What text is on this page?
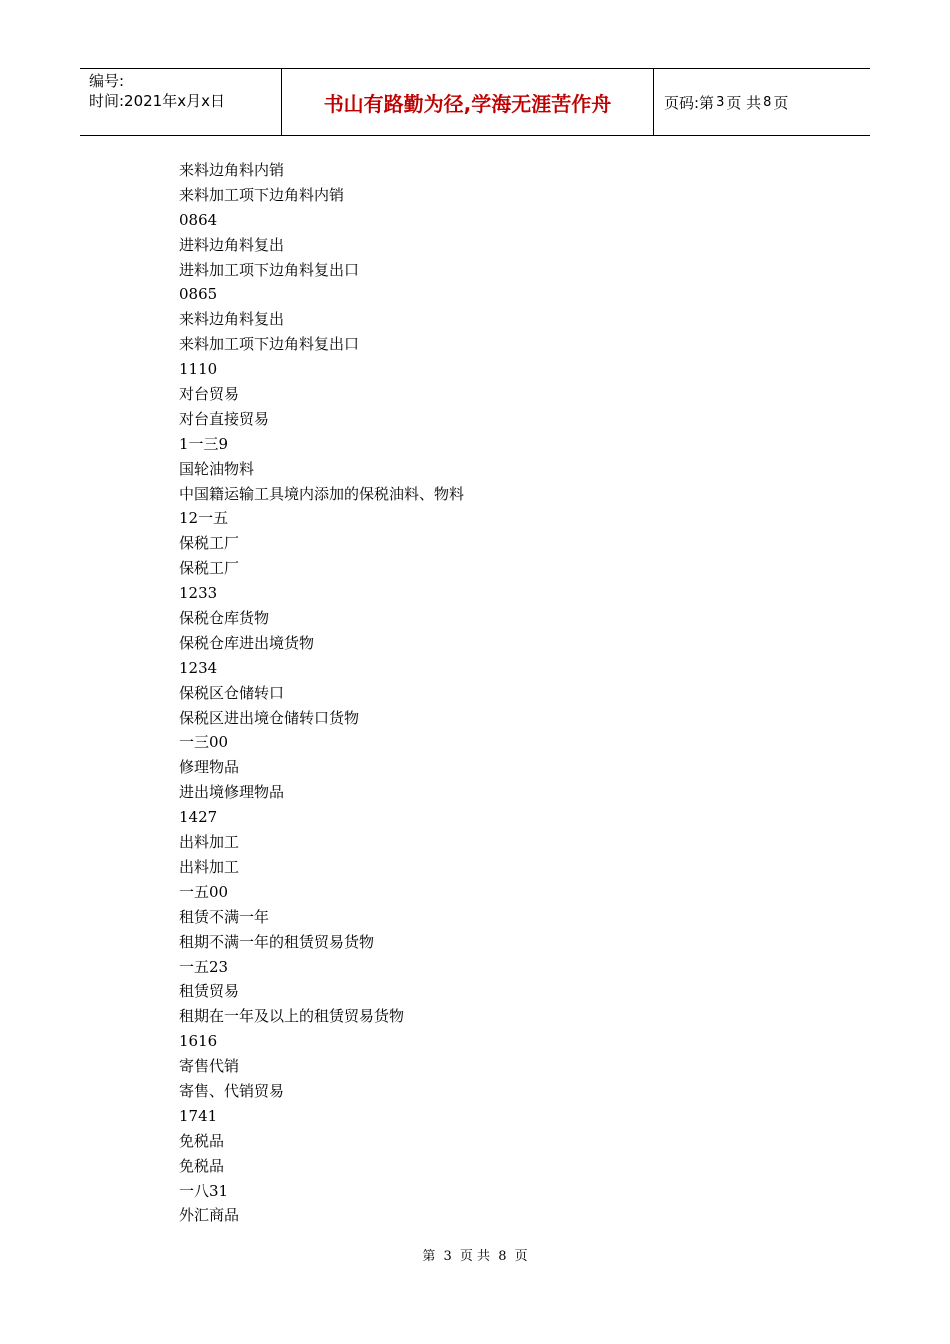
编号:
时间:2021年x月x日	书山有路勤为径,学海无涯苦作舟	页码:第 3 页 共 8 页
来料边角料内销
来料加工项下边角料内销
0864
进料边角料复出
进料加工项下边角料复出口
0865
来料边角料复出
来料加工项下边角料复出口
1110
对台贸易
对台直接贸易
1一三9
国轮油物料
中国籍运输工具境内添加的保税油料、物料
12一五
保税工厂
保税工厂
1233
保税仓库货物
保税仓库进出境货物
1234
保税区仓储转口
保税区进出境仓储转口货物
一三00
修理物品
进出境修理物品
1427
出料加工
出料加工
一五00
租赁不满一年
租期不满一年的租赁贸易货物
一五23
租赁贸易
租期在一年及以上的租赁贸易货物
1616
寄售代销
寄售、代销贸易
1741
免税品
免税品
一八31
外汇商品
第 3 页 共 8 页
